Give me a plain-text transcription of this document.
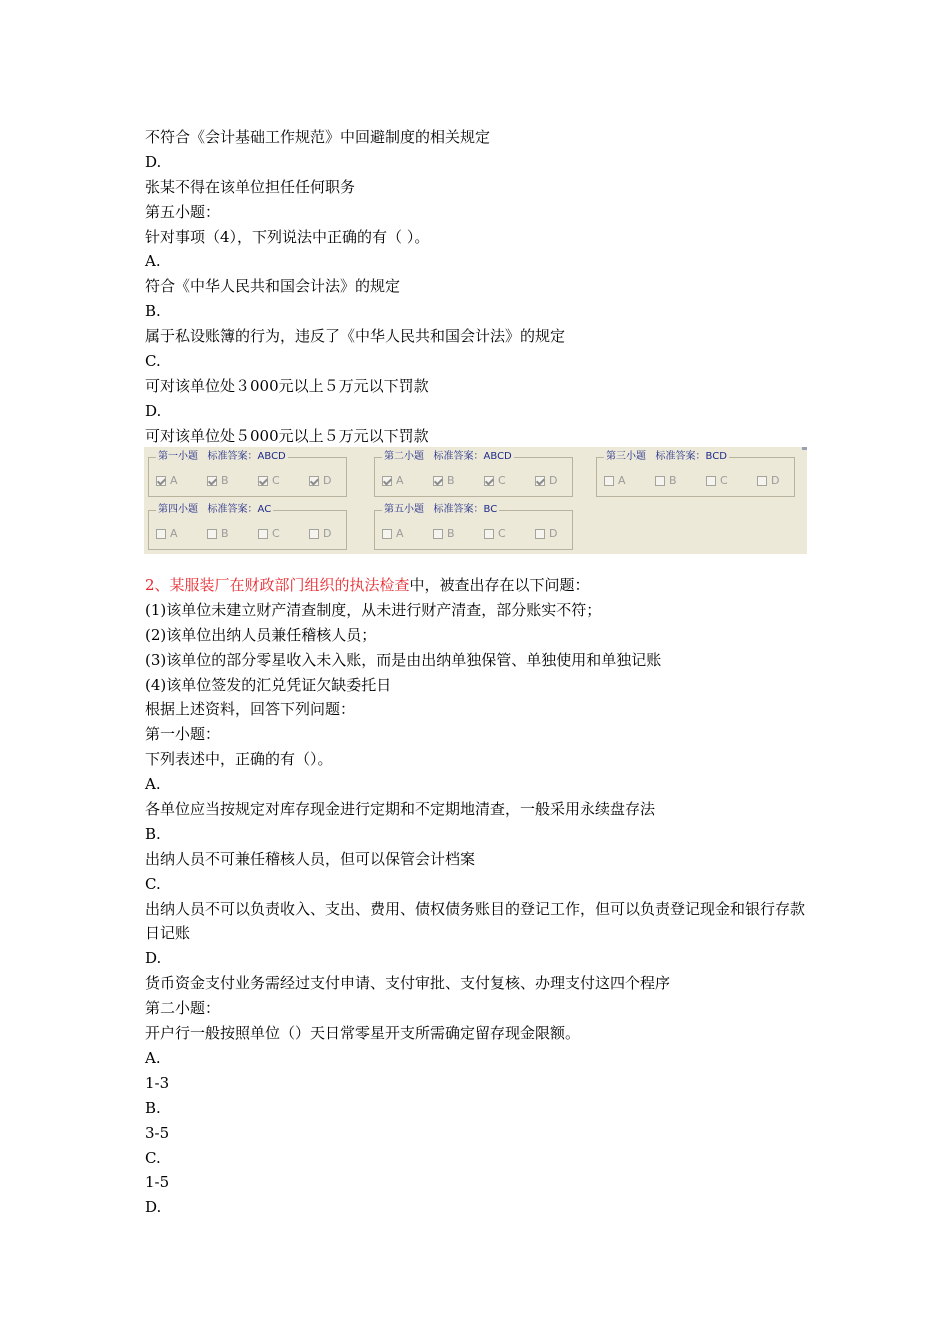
不符合《会计基础工作规范》中回避制度的相关规定
D.
张某不得在该单位担任任何职务
第五小题：
针对事项（4），下列说法中正确的有（ ）。
A.
符合《中华人民共和国会计法》的规定
B.
属于私设账簿的行为，违反了《中华人民共和国会计法》的规定
C.
可对该单位处３000元以上５万元以下罚款
D.
可对该单位处５000元以上５万元以下罚款
第一小题 标准答案：ABCD
A	B	C	D
第二小题 标准答案：ABCD
A	B	C	D
第三小题 标准答案：BCD
A	B	C	D
第四小题 标准答案：AC
A	B	C	D
第五小题 标准答案：BC
A	B	C	D
2、某服装厂在财政部门组织的执法检查中，被查出存在以下问题：
(1)该单位未建立财产清查制度，从未进行财产清查，部分账实不符；
(2)该单位出纳人员兼任稽核人员；
(3)该单位的部分零星收入未入账，而是由出纳单独保管、单独使用和单独记账
(4)该单位签发的汇兑凭证欠缺委托日
根据上述资料，回答下列问题：
第一小题：
下列表述中，正确的有（）。
A.
各单位应当按规定对库存现金进行定期和不定期地清查，一般采用永续盘存法
B.
出纳人员不可兼任稽核人员，但可以保管会计档案
C.
出纳人员不可以负责收入、支出、费用、债权债务账目的登记工作，但可以负责登记现金和银行存款日记账
D.
货币资金支付业务需经过支付申请、支付审批、支付复核、办理支付这四个程序
第二小题：
开户行一般按照单位（）天日常零星开支所需确定留存现金限额。
A.
1-3
B.
3-5
C.
1-5
D.
